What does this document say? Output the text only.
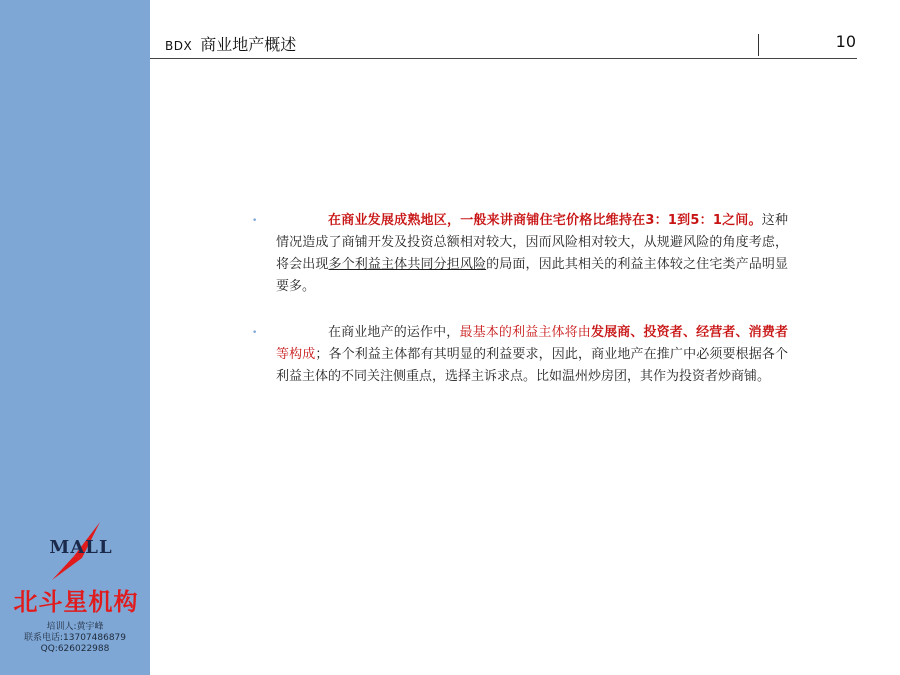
MALL
北斗星机构
培训人:黄宇峰
联系电话:13707486879
QQ:626022988
BDX 商业地产概述	10
•	在商业发展成熟地区，一般来讲商铺住宅价格比维持在3：1到5：1之间。这种情况造成了商铺开发及投资总额相对较大，因而风险相对较大，从规避风险的角度考虑，将会出现多个利益主体共同分担风险的局面，因此其相关的利益主体较之住宅类产品明显要多。

•	在商业地产的运作中，最基本的利益主体将由发展商、投资者、经营者、消费者等构成；各个利益主体都有其明显的利益要求，因此，商业地产在推广中必须要根据各个利益主体的不同关注侧重点，选择主诉求点。比如温州炒房团，其作为投资者炒商铺。
